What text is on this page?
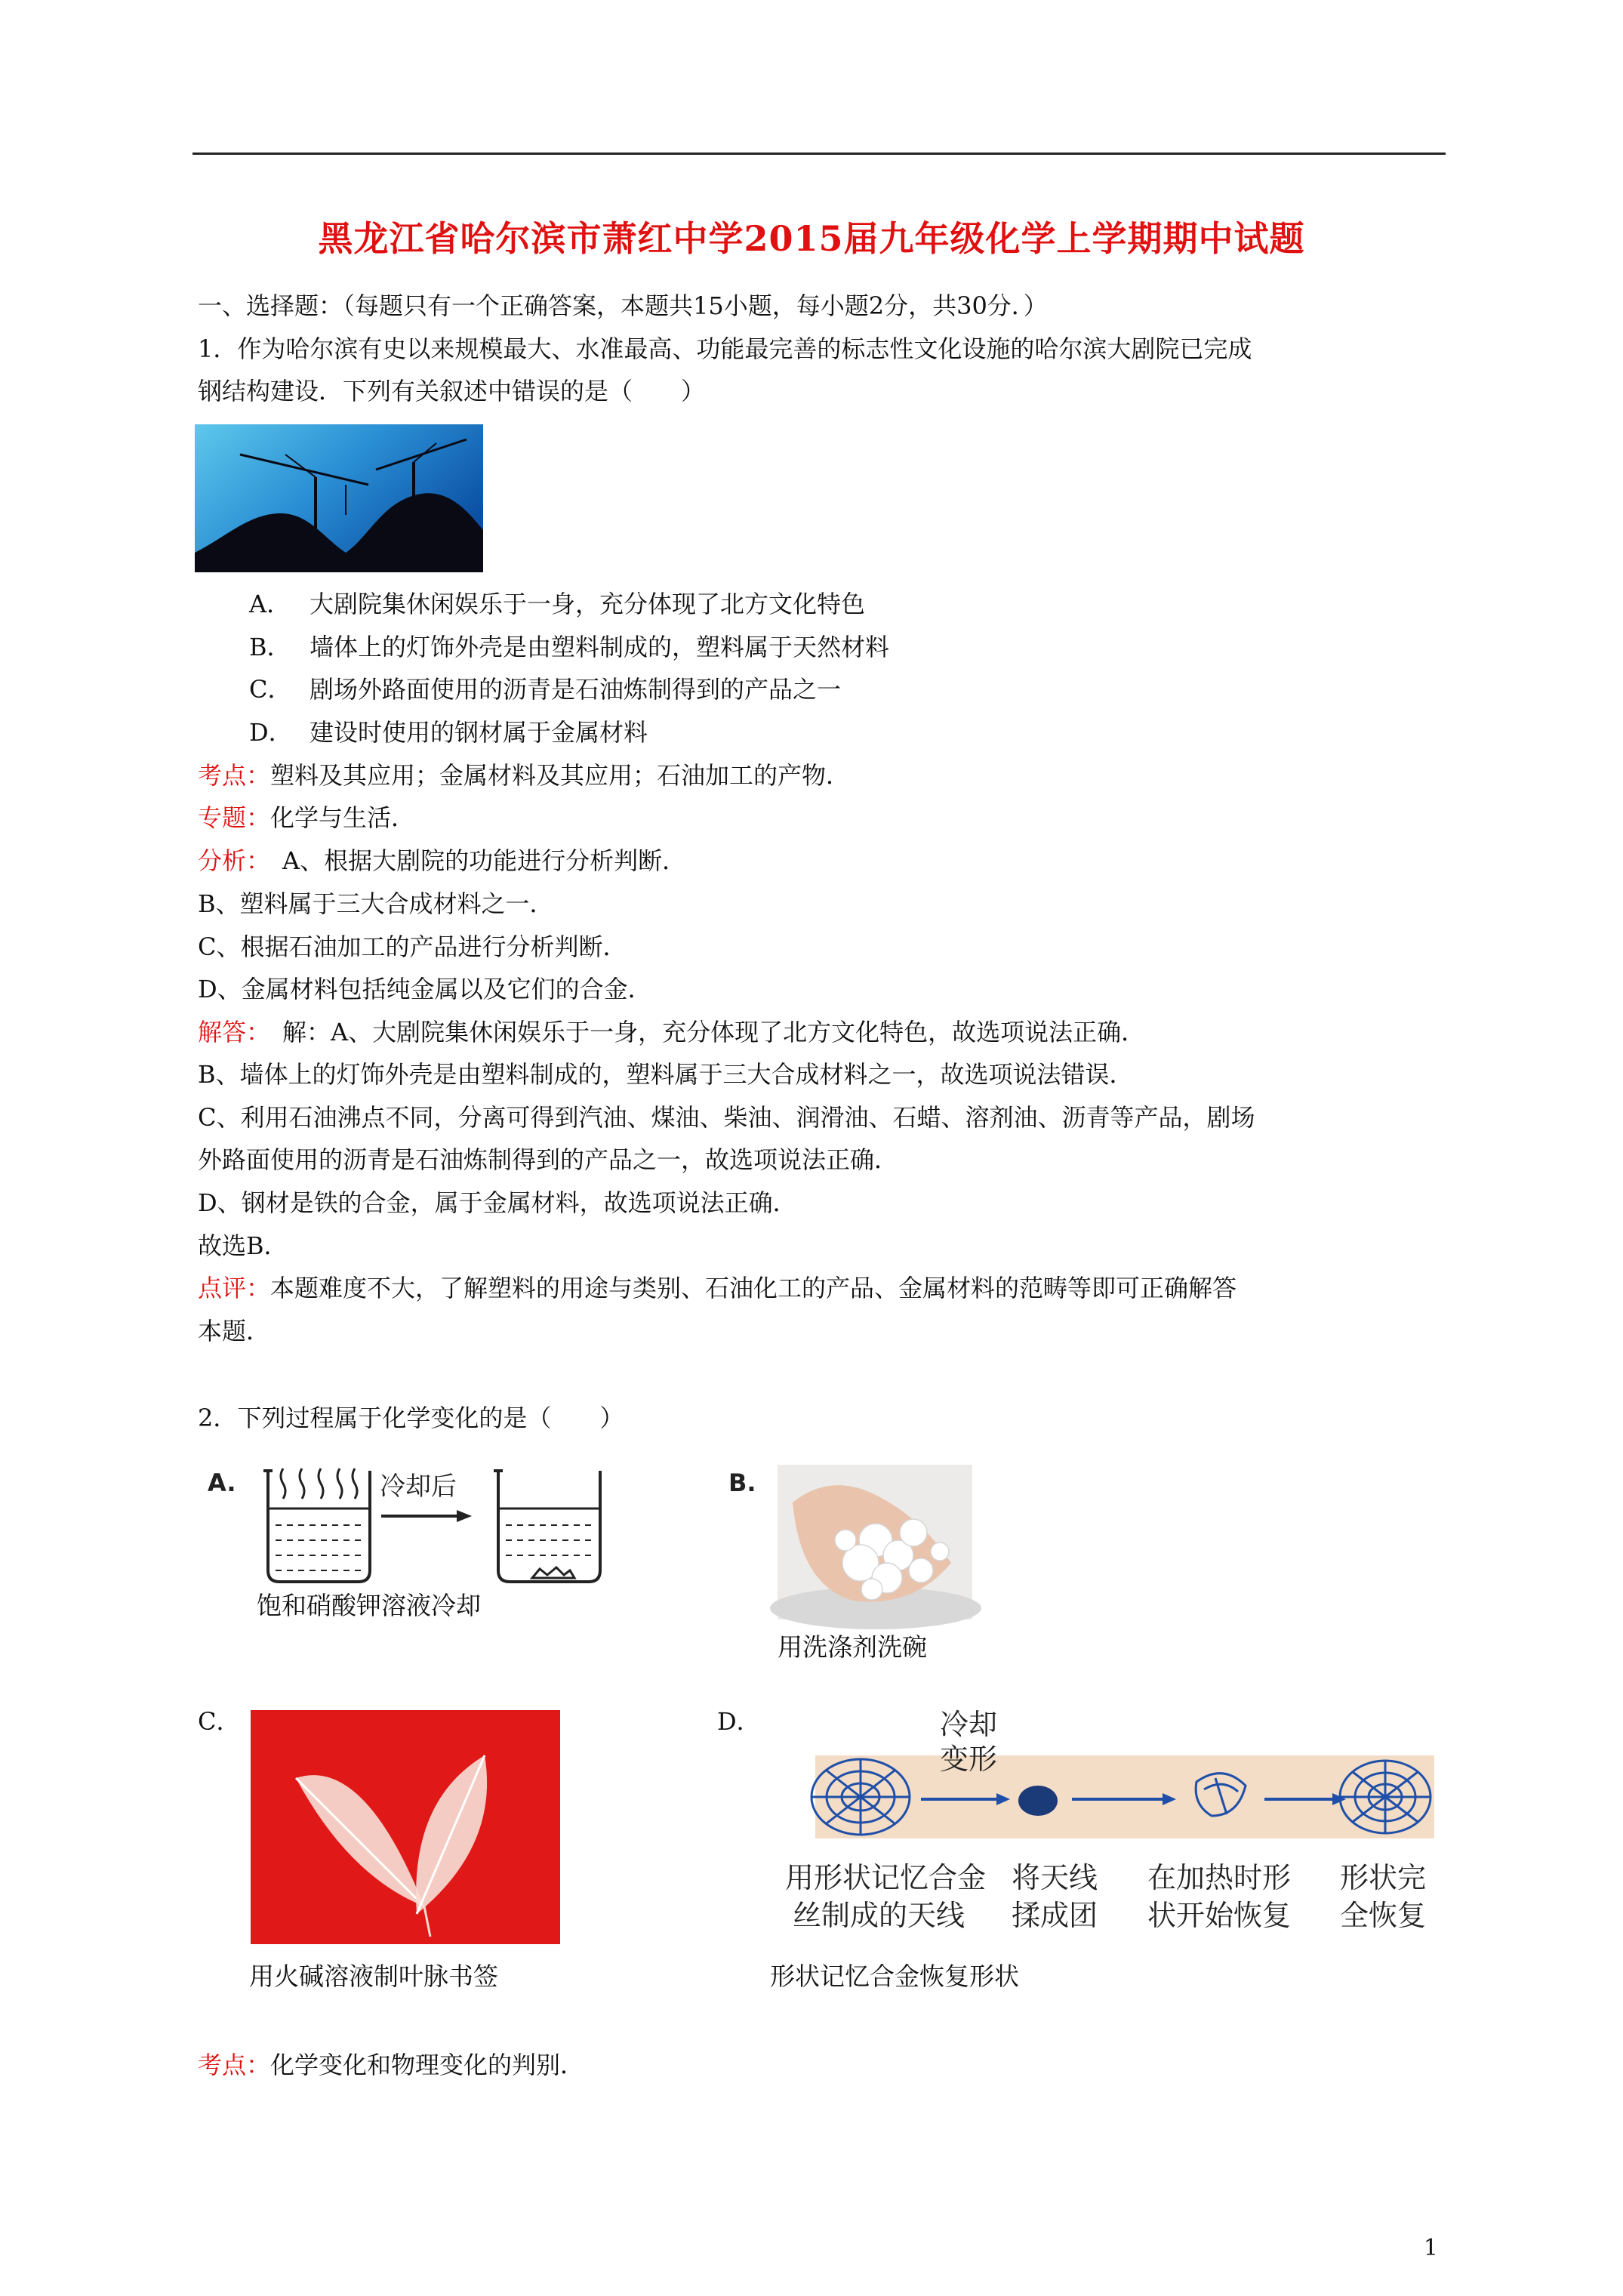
黑龙江省哈尔滨市萧红中学2015届九年级化学上学期期中试题
一、选择题：（每题只有一个正确答案，本题共15小题，每小题2分，共30分．）
1．作为哈尔滨有史以来规模最大、水准最高、功能最完善的标志性文化设施的哈尔滨大剧院已完成
钢结构建设．下列有关叙述中错误的是（　　）
A． 大剧院集休闲娱乐于一身，充分体现了北方文化特色
B． 墙体上的灯饰外壳是由塑料制成的，塑料属于天然材料
C． 剧场外路面使用的沥青是石油炼制得到的产品之一
D． 建设时使用的钢材属于金属材料
考点：塑料及其应用；金属材料及其应用；石油加工的产物．
专题：化学与生活．
分析：　A、根据大剧院的功能进行分析判断．
B、塑料属于三大合成材料之一．
C、根据石油加工的产品进行分析判断．
D、金属材料包括纯金属以及它们的合金．
解答：　解：A、大剧院集休闲娱乐于一身，充分体现了北方文化特色，故选项说法正确．
B、墙体上的灯饰外壳是由塑料制成的，塑料属于三大合成材料之一，故选项说法错误．
C、利用石油沸点不同，分离可得到汽油、煤油、柴油、润滑油、石蜡、溶剂油、沥青等产品，剧场
外路面使用的沥青是石油炼制得到的产品之一，故选项说法正确．
D、钢材是铁的合金，属于金属材料，故选项说法正确．
故选B．
点评：本题难度不大，了解塑料的用途与类别、石油化工的产品、金属材料的范畴等即可正确解答
本题．
2．下列过程属于化学变化的是（　　）
A.	冷却后
饱和硝酸钾溶液冷却
B.
用洗涤剂洗碗
C．
用火碱溶液制叶脉书签
D．	冷却
变形
用形状记忆合金
丝制成的天线
将天线
揉成团
在加热时形
状开始恢复
形状完
全恢复
形状记忆合金恢复形状
考点：化学变化和物理变化的判别．
1
